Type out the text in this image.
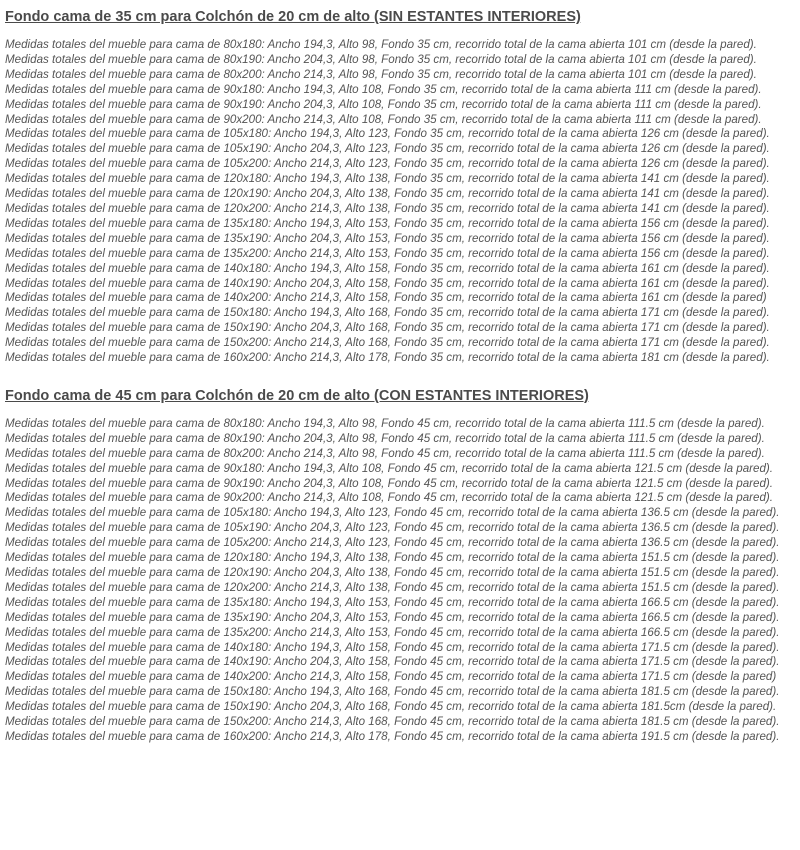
Fondo cama de 35 cm para Colchón de 20 cm de alto (SIN ESTANTES INTERIORES)
Medidas totales del mueble para cama de 80x180: Ancho 194,3, Alto 98, Fondo 35 cm, recorrido total de la cama abierta 101 cm (desde la pared).
Medidas totales del mueble para cama de 80x190: Ancho 204,3, Alto 98, Fondo 35 cm, recorrido total de la cama abierta 101 cm (desde la pared).
Medidas totales del mueble para cama de 80x200: Ancho 214,3, Alto 98, Fondo 35 cm, recorrido total de la cama abierta 101 cm (desde la pared).
Medidas totales del mueble para cama de 90x180: Ancho 194,3, Alto 108, Fondo 35 cm, recorrido total de la cama abierta 111 cm (desde la pared).
Medidas totales del mueble para cama de 90x190: Ancho 204,3, Alto 108, Fondo 35 cm, recorrido total de la cama abierta 111 cm (desde la pared).
Medidas totales del mueble para cama de 90x200: Ancho 214,3, Alto 108, Fondo 35 cm, recorrido total de la cama abierta 111 cm (desde la pared).
Medidas totales del mueble para cama de 105x180: Ancho 194,3, Alto 123, Fondo 35 cm, recorrido total de la cama abierta 126 cm (desde la pared).
Medidas totales del mueble para cama de 105x190: Ancho 204,3, Alto 123, Fondo 35 cm, recorrido total de la cama abierta 126 cm (desde la pared).
Medidas totales del mueble para cama de 105x200: Ancho 214,3, Alto 123, Fondo 35 cm, recorrido total de la cama abierta 126 cm (desde la pared).
Medidas totales del mueble para cama de 120x180: Ancho 194,3, Alto 138, Fondo 35 cm, recorrido total de la cama abierta 141 cm (desde la pared).
Medidas totales del mueble para cama de 120x190: Ancho 204,3, Alto 138, Fondo 35 cm, recorrido total de la cama abierta 141 cm (desde la pared).
Medidas totales del mueble para cama de 120x200: Ancho 214,3, Alto 138, Fondo 35 cm, recorrido total de la cama abierta 141 cm (desde la pared).
Medidas totales del mueble para cama de 135x180: Ancho 194,3, Alto 153, Fondo 35 cm, recorrido total de la cama abierta 156 cm (desde la pared).
Medidas totales del mueble para cama de 135x190: Ancho 204,3, Alto 153, Fondo 35 cm, recorrido total de la cama abierta 156 cm (desde la pared).
Medidas totales del mueble para cama de 135x200: Ancho 214,3, Alto 153, Fondo 35 cm, recorrido total de la cama abierta 156 cm (desde la pared).
Medidas totales del mueble para cama de 140x180: Ancho 194,3, Alto 158, Fondo 35 cm, recorrido total de la cama abierta 161 cm (desde la pared).
Medidas totales del mueble para cama de 140x190: Ancho 204,3, Alto 158, Fondo 35 cm, recorrido total de la cama abierta 161 cm (desde la pared).
Medidas totales del mueble para cama de 140x200: Ancho 214,3, Alto 158, Fondo 35 cm, recorrido total de la cama abierta 161 cm (desde la pared)
Medidas totales del mueble para cama de 150x180: Ancho 194,3, Alto 168, Fondo 35 cm, recorrido total de la cama abierta 171 cm (desde la pared).
Medidas totales del mueble para cama de 150x190: Ancho 204,3, Alto 168, Fondo 35 cm, recorrido total de la cama abierta 171 cm (desde la pared).
Medidas totales del mueble para cama de 150x200: Ancho 214,3, Alto 168, Fondo 35 cm, recorrido total de la cama abierta 171 cm (desde la pared).
Medidas totales del mueble para cama de 160x200: Ancho 214,3, Alto 178, Fondo 35 cm, recorrido total de la cama abierta 181 cm (desde la pared).
Fondo cama de 45 cm para Colchón de 20 cm de alto (CON ESTANTES INTERIORES)
Medidas totales del mueble para cama de 80x180: Ancho 194,3, Alto 98, Fondo 45 cm, recorrido total de la cama abierta 111.5 cm (desde la pared).
Medidas totales del mueble para cama de 80x190: Ancho 204,3, Alto 98, Fondo 45 cm, recorrido total de la cama abierta 111.5 cm (desde la pared).
Medidas totales del mueble para cama de 80x200: Ancho 214,3, Alto 98, Fondo 45 cm, recorrido total de la cama abierta 111.5 cm (desde la pared).
Medidas totales del mueble para cama de 90x180: Ancho 194,3, Alto 108, Fondo 45 cm, recorrido total de la cama abierta 121.5 cm (desde la pared).
Medidas totales del mueble para cama de 90x190: Ancho 204,3, Alto 108, Fondo 45 cm, recorrido total de la cama abierta 121.5 cm (desde la pared).
Medidas totales del mueble para cama de 90x200: Ancho 214,3, Alto 108, Fondo 45 cm, recorrido total de la cama abierta 121.5 cm (desde la pared).
Medidas totales del mueble para cama de 105x180: Ancho 194,3, Alto 123, Fondo 45 cm, recorrido total de la cama abierta 136.5 cm (desde la pared).
Medidas totales del mueble para cama de 105x190: Ancho 204,3, Alto 123, Fondo 45 cm, recorrido total de la cama abierta 136.5 cm (desde la pared).
Medidas totales del mueble para cama de 105x200: Ancho 214,3, Alto 123, Fondo 45 cm, recorrido total de la cama abierta 136.5 cm (desde la pared).
Medidas totales del mueble para cama de 120x180: Ancho 194,3, Alto 138, Fondo 45 cm, recorrido total de la cama abierta 151.5 cm (desde la pared).
Medidas totales del mueble para cama de 120x190: Ancho 204,3, Alto 138, Fondo 45 cm, recorrido total de la cama abierta 151.5 cm (desde la pared).
Medidas totales del mueble para cama de 120x200: Ancho 214,3, Alto 138, Fondo 45 cm, recorrido total de la cama abierta 151.5 cm (desde la pared).
Medidas totales del mueble para cama de 135x180: Ancho 194,3, Alto 153, Fondo 45 cm, recorrido total de la cama abierta 166.5 cm (desde la pared).
Medidas totales del mueble para cama de 135x190: Ancho 204,3, Alto 153, Fondo 45 cm, recorrido total de la cama abierta 166.5 cm (desde la pared).
Medidas totales del mueble para cama de 135x200: Ancho 214,3, Alto 153, Fondo 45 cm, recorrido total de la cama abierta 166.5 cm (desde la pared).
Medidas totales del mueble para cama de 140x180: Ancho 194,3, Alto 158, Fondo 45 cm, recorrido total de la cama abierta 171.5 cm (desde la pared).
Medidas totales del mueble para cama de 140x190: Ancho 204,3, Alto 158, Fondo 45 cm, recorrido total de la cama abierta 171.5 cm (desde la pared).
Medidas totales del mueble para cama de 140x200: Ancho 214,3, Alto 158, Fondo 45 cm, recorrido total de la cama abierta 171.5 cm (desde la pared)
Medidas totales del mueble para cama de 150x180: Ancho 194,3, Alto 168, Fondo 45 cm, recorrido total de la cama abierta 181.5 cm (desde la pared).
Medidas totales del mueble para cama de 150x190: Ancho 204,3, Alto 168, Fondo 45 cm, recorrido total de la cama abierta 181.5cm (desde la pared).
Medidas totales del mueble para cama de 150x200: Ancho 214,3, Alto 168, Fondo 45 cm, recorrido total de la cama abierta 181.5 cm (desde la pared).
Medidas totales del mueble para cama de 160x200: Ancho 214,3, Alto 178, Fondo 45 cm, recorrido total de la cama abierta 191.5 cm (desde la pared).
